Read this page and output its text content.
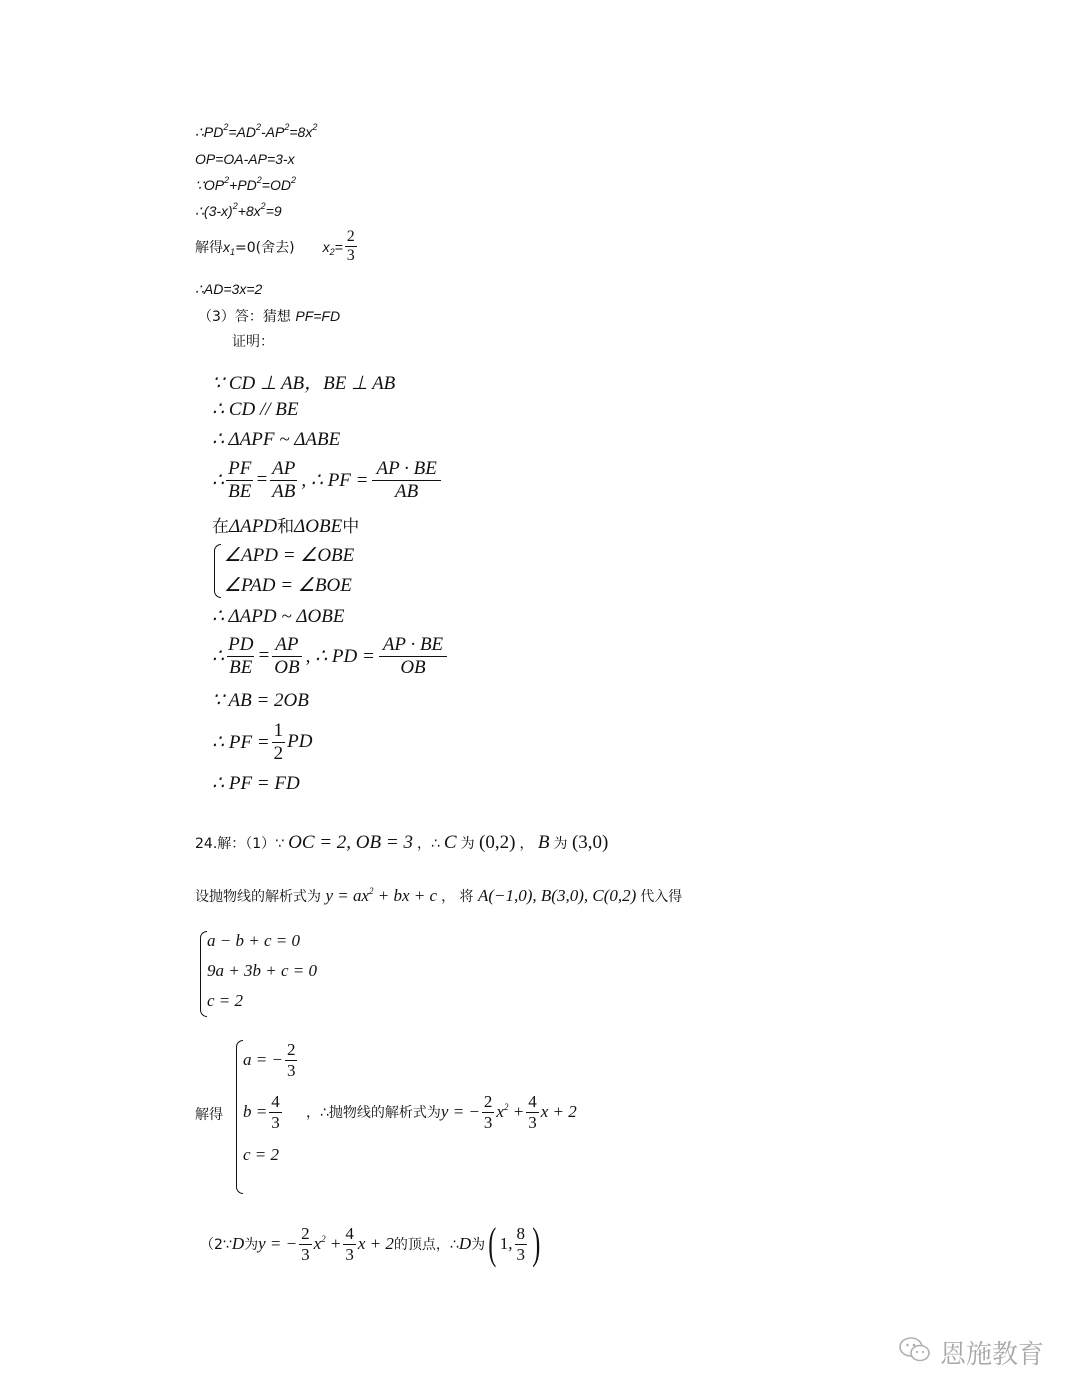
$\therefore PD^2=AD^2-AP^2=8x^2$
OP=OA-AP=3-x
$\because OP^2+PD^2=OD^2$
$\therefore(3-x)^2+8x^2=9$
解得 $x_1=0$(舍去) $x_2= \frac{2}{3}$
∴AD=3x=2
（3）答：猜想 PF=FD
证明：
∵ CD ⊥ AB，BE ⊥ AB
∴ CD // BE
∴ ΔAPF ~ ΔABE
∴ $\frac{PF}{BE} = \frac{AP}{AB}$ , ∴ PF = $\frac{AP \cdot BE}{AB}$
在ΔAPD和ΔOBE中
∠APD = ∠OBE
∠PAD = ∠BOE
∴ ΔAPD ~ ΔOBE
∴ $\frac{PD}{BE} = \frac{AP}{OB}$ , ∴ PD = $\frac{AP \cdot BE}{OB}$
∵ AB = 2OB
∴ PF = $\frac{1}{2}$ PD
∴ PF = FD
24.解：（1）∵ OC = 2, OB = 3 ，∴ C 为 (0,2) ， B 为 (3,0)
设抛物线的解析式为 $y = ax^2$ + bx + c ， 将 A(−1,0), B(3,0), C(0,2) 代入得
a − b + c = 0
9a + 3b + c = 0
c = 2
解得
a = − $\frac{2}{3}$
$b = \frac{4}{3}$
c = 2
，∴抛物线的解析式为 y = − $\frac{2}{3} x^2 + \frac{4}{3}$ x + 2
（2∵ D 为 y = − $\frac{2}{3} x^2 + \frac{4}{3}$ x + 2 的顶点，∴ D 为 ( 1, $\frac{8}{3}$ )
恩施教育
